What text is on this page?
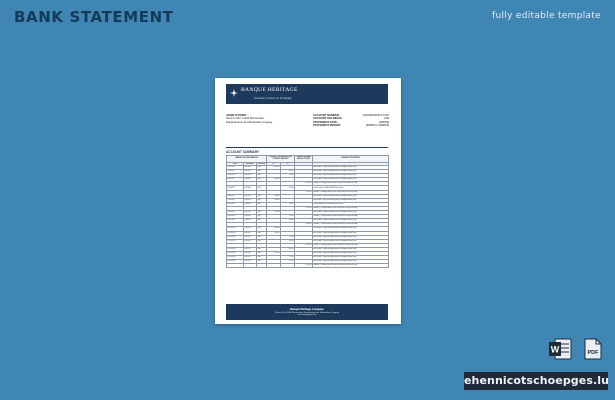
BANK STATEMENT	fully editable template
BANQUE HERITAGE
Su banco único en Uruguay
JOHN STUDIO
Socorro 912, 11100 Montevideo,
Departamento de Montevideo Uruguay
ACCOUNT NUMBER:	1001060000972-1023
ACCOUNT HOLDINGS:	[##]
STATEMENT DATE:	[###/##]
STATEMENT PERIOD:	[###/##] to [###/##]
ACCOUNT SUMMARY
TRANSACTION INFORMATION			TRANSACTION AMOUNT AND CURRENT BALANCE		CLOSING BALANCE (NEW ACCOUNT)	TRANSACTION DETAILS
Date	Reference	Post Date	Dr	Cr		
1/01/2022	1001002	USD	1,000.00			ATM/CASH - Tally and ending Stat on Rodriguez dores (Sim)
2/01/2022	1001025	USD		200.00		ATM/CASH - Tally and ending Stat on Rodriguez dores (Sim)
3/01/2022	1001032	USD		50.00		ATM/CASH - Tally and ending Stat on Rodriguez dores (Sim)
4/01/2022	1001043	USD	500.00			ATM/CASH - Tally and ending Stat on Rodriguez dores (Sim)
					1,250.00	Balance - Closing balance of the account at the end of the day
5/01/2022	1001054	USD		120.00		Card Purchase CAFE LA PAZ Montevideo
					1,130.00	Balance - Closing balance of the account at the end of the day
6/01/2022	1001065	USD	300.00			ATM/CASH - Tally and ending Stat on Rodriguez dores (Sim)
7/01/2022	1001076	USD	400.00			ATM/CASH - Tally and ending Stat on Rodriguez dores (Sim)
8/01/2022	1001087	USD		80.00		Card Purchase SUPERMERCADO DISCO
					1,750.00	Balance - Closing balance of the account at the end of the day
9/01/2022	1001098	USD	250.00			ATM/CASH - Tally and ending Stat on Rodriguez dores (Sim)
10/01/2022	1001109	USD		60.00		Balance - Closing balance of the account at the end of the day
11/01/2022	1001120	USD		140.00		ATM/CASH - Tally and ending Stat on Rodriguez dores (Sim)
					1,800.00	Balance - Closing balance of the account at the end of the day
12/01/2022	1001131	USD	600.00			ATM/CASH - Tally and ending Stat on Rodriguez dores (Sim)
13/01/2022	1001142	USD	150.00			ATM/CASH - Tally and ending Stat on Rodriguez dores (Sim)
14/01/2022	1001153	USD		90.00		ATM/CASH - Tally and ending Stat on Rodriguez dores (Sim)
15/01/2022	1001164	USD		110.00		ATM/CASH - Tally and ending Stat on Rodriguez dores (Sim)
					2,300.00	Balance - Closing balance of the account at the end of the day
16/01/2022	1001175	USD		200.00		ATM/CASH - Tally and ending Stat on Rodriguez dores (Sim)
17/01/2022	1001186	USD	350.00			ATM/CASH - Tally and ending Stat on Rodriguez dores (Sim)
18/01/2022	1001197	USD		75.00		ATM/CASH - Tally and ending Stat on Rodriguez dores (Sim)
19/01/2022	1001208	USD		65.00		ATM/CASH - Tally and ending Stat on Rodriguez dores (Sim)
					2,310.00	Balance - Closing balance of the account at the end of the day
Banque Heritage Company
Rincón 500, 11000 Montevideo, Departamento de Montevideo, Uruguay
www.heritagebank.uy
W	PDF
ehennicotschoepges.lu
